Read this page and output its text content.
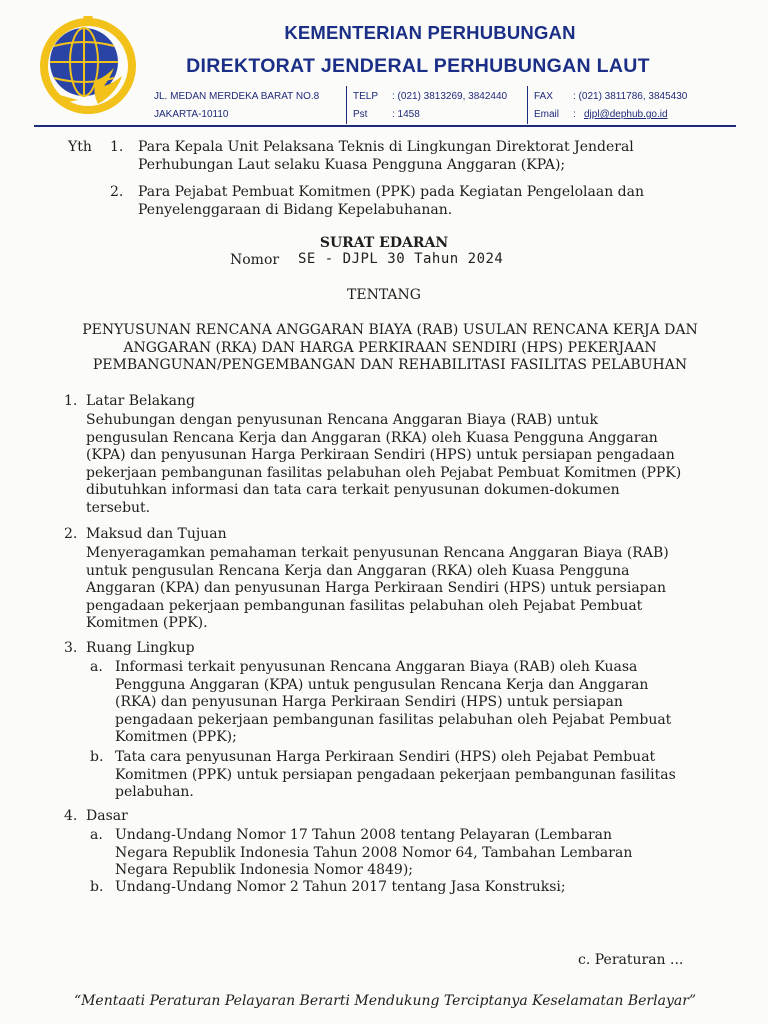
KEMENTERIAN PERHUBUNGAN
DIREKTORAT JENDERAL PERHUBUNGAN LAUT
JL. MEDAN MERDEKA BARAT NO.8
JAKARTA-10110
TELP : (021) 3813269, 3842440
Pst : 1458
FAX : (021) 3811786, 3845430
Email : djpl@dephub.go.id
Yth 1. Para Kepala Unit Pelaksana Teknis di Lingkungan Direktorat Jenderal
Perhubungan Laut selaku Kuasa Pengguna Anggaran (KPA);
2. Para Pejabat Pembuat Komitmen (PPK) pada Kegiatan Pengelolaan dan
Penyelenggaraan di Bidang Kepelabuhanan.
SURAT EDARAN
Nomor SE - DJPL 30 Tahun 2024
TENTANG
PENYUSUNAN RENCANA ANGGARAN BIAYA (RAB) USULAN RENCANA KERJA DAN
ANGGARAN (RKA) DAN HARGA PERKIRAAN SENDIRI (HPS) PEKERJAAN
PEMBANGUNAN/PENGEMBANGAN DAN REHABILITASI FASILITAS PELABUHAN
1. Latar Belakang
Sehubungan dengan penyusunan Rencana Anggaran Biaya (RAB) untuk
pengusulan Rencana Kerja dan Anggaran (RKA) oleh Kuasa Pengguna Anggaran
(KPA) dan penyusunan Harga Perkiraan Sendiri (HPS) untuk persiapan pengadaan
pekerjaan pembangunan fasilitas pelabuhan oleh Pejabat Pembuat Komitmen (PPK)
dibutuhkan informasi dan tata cara terkait penyusunan dokumen-dokumen
tersebut.
2. Maksud dan Tujuan
Menyeragamkan pemahaman terkait penyusunan Rencana Anggaran Biaya (RAB)
untuk pengusulan Rencana Kerja dan Anggaran (RKA) oleh Kuasa Pengguna
Anggaran (KPA) dan penyusunan Harga Perkiraan Sendiri (HPS) untuk persiapan
pengadaan pekerjaan pembangunan fasilitas pelabuhan oleh Pejabat Pembuat
Komitmen (PPK).
3. Ruang Lingkup
a. Informasi terkait penyusunan Rencana Anggaran Biaya (RAB) oleh Kuasa
Pengguna Anggaran (KPA) untuk pengusulan Rencana Kerja dan Anggaran
(RKA) dan penyusunan Harga Perkiraan Sendiri (HPS) untuk persiapan
pengadaan pekerjaan pembangunan fasilitas pelabuhan oleh Pejabat Pembuat
Komitmen (PPK);
b. Tata cara penyusunan Harga Perkiraan Sendiri (HPS) oleh Pejabat Pembuat
Komitmen (PPK) untuk persiapan pengadaan pekerjaan pembangunan fasilitas
pelabuhan.
4. Dasar
a. Undang-Undang Nomor 17 Tahun 2008 tentang Pelayaran (Lembaran
Negara Republik Indonesia Tahun 2008 Nomor 64, Tambahan Lembaran
Negara Republik Indonesia Nomor 4849);
b. Undang-Undang Nomor 2 Tahun 2017 tentang Jasa Konstruksi;
c. Peraturan ...
“Mentaati Peraturan Pelayaran Berarti Mendukung Terciptanya Keselamatan Berlayar”
